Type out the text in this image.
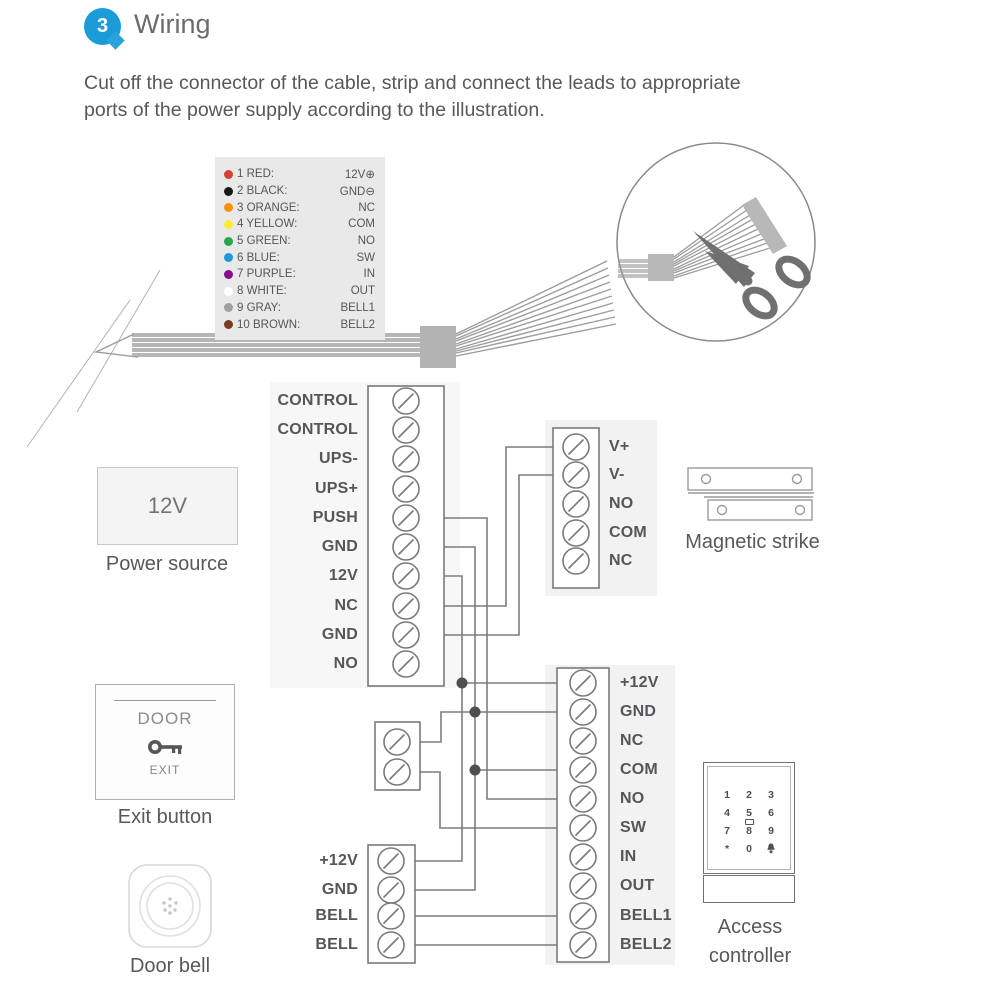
3 Wiring
Cut off the connector of the cable, strip and connect the leads to appropriate ports of the power supply according to the illustration.
1 RED:	12V⊕
2 BLACK:	GND⊖
3 ORANGE:	NC
4 YELLOW:	COM
5 GREEN:	NO
6 BLUE:	SW
7 PURPLE:	IN
8 WHITE:	OUT
9 GRAY:	BELL1
10 BROWN:	BELL2
CONTROL
CONTROL
UPS-
UPS+
PUSH
GND
12V
NC
GND
NO
V+
V-
NO
COM
NC
+12V
GND
NC
COM
NO
SW
IN
OUT
BELL1
BELL2
+12V
GND
BELL
BELL
12V
Power source
DOOR
EXIT
Exit button
Door bell
Magnetic strike
1	2	3
4	5	6
7	8	9
*	0
Access controller
